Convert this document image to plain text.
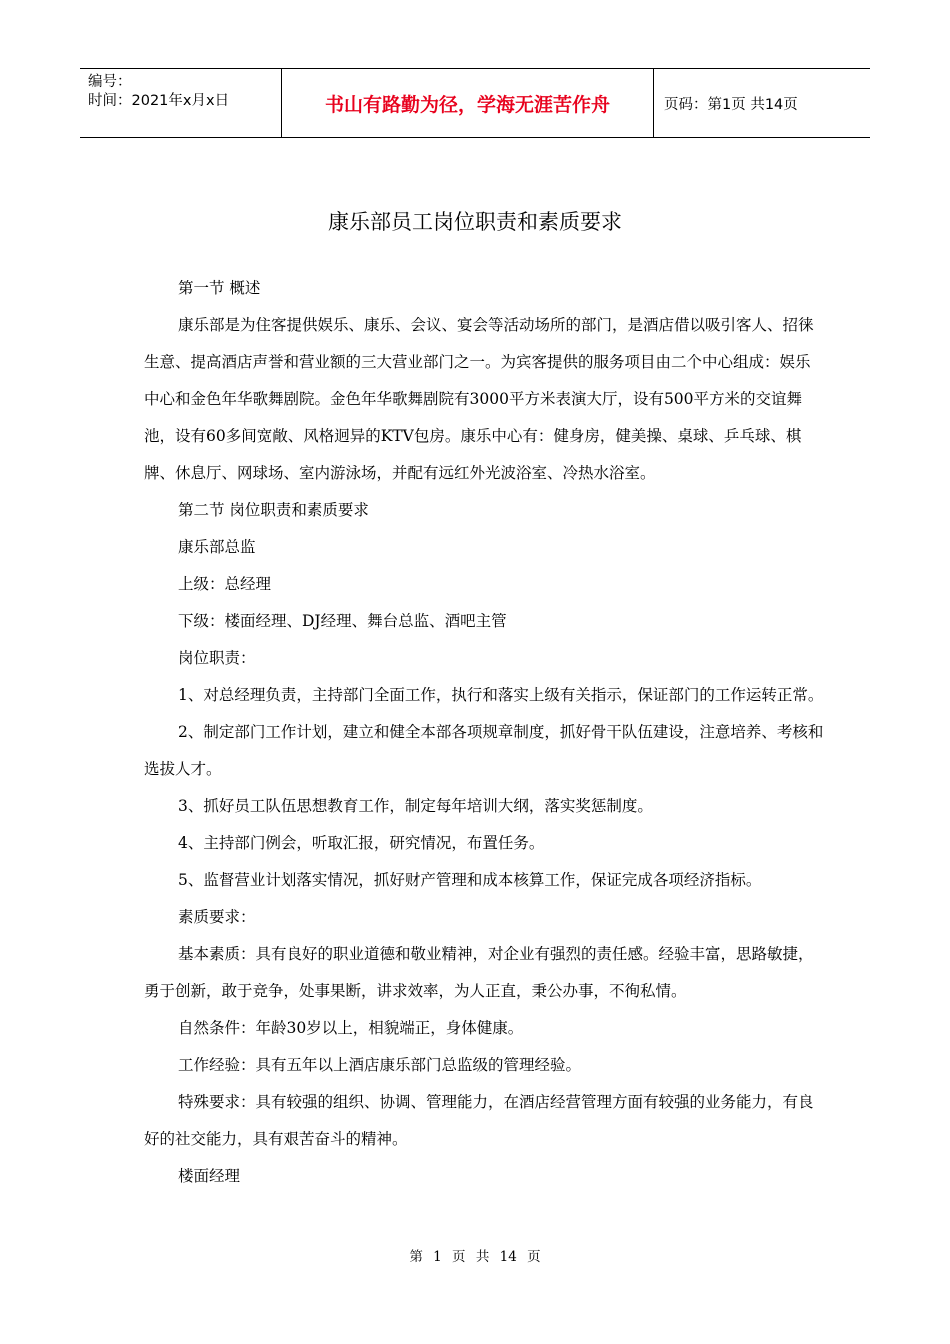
编号：
时间：2021年x月x日	书山有路勤为径，学海无涯苦作舟	页码：第1页 共14页
康乐部员工岗位职责和素质要求

第一节 概述

康乐部是为住客提供娱乐、康乐、会议、宴会等活动场所的部门，是酒店借以吸引客人、招徕生意、提高酒店声誉和营业额的三大营业部门之一。为宾客提供的服务项目由二个中心组成：娱乐中心和金色年华歌舞剧院。金色年华歌舞剧院有3000平方米表演大厅，设有500平方米的交谊舞池，设有60多间宽敞、风格迥异的KTV包房。康乐中心有：健身房，健美操、桌球、乒乓球、棋牌、休息厅、网球场、室内游泳场，并配有远红外光波浴室、冷热水浴室。

第二节 岗位职责和素质要求

康乐部总监

上级：总经理

下级：楼面经理、DJ经理、舞台总监、酒吧主管

岗位职责：

1、对总经理负责，主持部门全面工作，执行和落实上级有关指示，保证部门的工作运转正常。

2、制定部门工作计划，建立和健全本部各项规章制度，抓好骨干队伍建设，注意培养、考核和选拔人才。

3、抓好员工队伍思想教育工作，制定每年培训大纲，落实奖惩制度。

4、主持部门例会，听取汇报，研究情况，布置任务。

5、监督营业计划落实情况，抓好财产管理和成本核算工作，保证完成各项经济指标。

素质要求：

基本素质：具有良好的职业道德和敬业精神，对企业有强烈的责任感。经验丰富，思路敏捷，勇于创新，敢于竞争，处事果断，讲求效率，为人正直，秉公办事，不徇私情。

自然条件：年龄30岁以上，相貌端正，身体健康。

工作经验：具有五年以上酒店康乐部门总监级的管理经验。

特殊要求：具有较强的组织、协调、管理能力，在酒店经营管理方面有较强的业务能力，有良好的社交能力，具有艰苦奋斗的精神。

楼面经理

第 1 页 共 14 页
